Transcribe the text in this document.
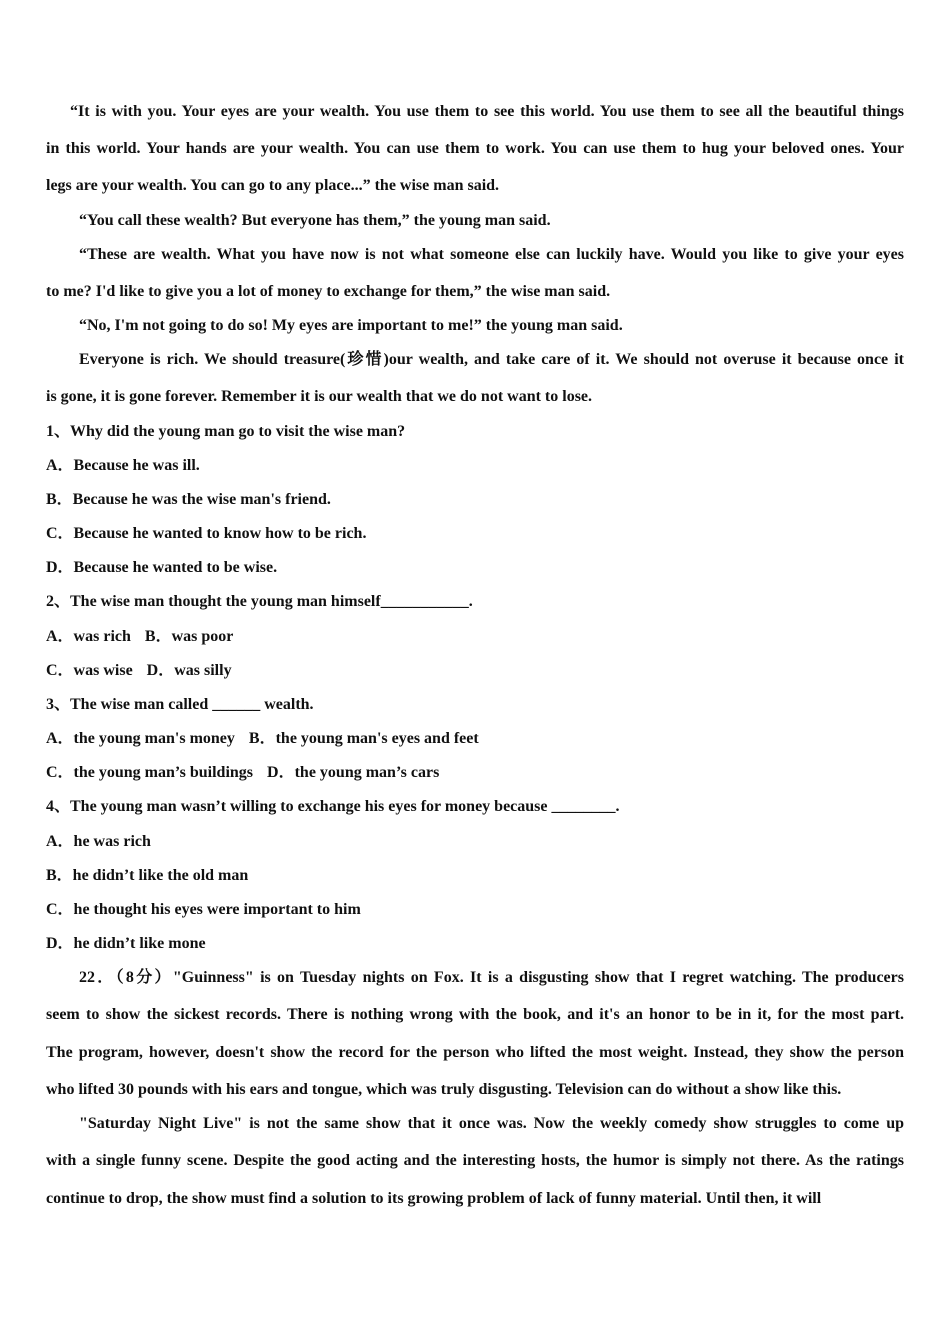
“It is with you. Your eyes are your wealth. You use them to see this world. You use them to see all the beautiful things
in this world. Your hands are your wealth. You can use them to work. You can use them to hug your beloved ones. Your
legs are your wealth. You can go to any place...” the wise man said.
“You call these wealth? But everyone has them,” the young man said.
“These are wealth. What you have now is not what someone else can luckily have. Would you like to give your eyes
to me? I'd like to give you a lot of money to exchange for them,” the wise man said.
“No, I'm not going to do so! My eyes are important to me!” the young man said.
Everyone is rich. We should treasure(珍惜)our wealth, and take care of it. We should not overuse it because once it
is gone, it is gone forever. Remember it is our wealth that we do not want to lose.
1、Why did the young man go to visit the wise man?
A．Because he was ill.
B．Because he was the wise man's friend.
C．Because he wanted to know how to be rich.
D．Because he wanted to be wise.
2、The wise man thought the young man himself___________.
A．was rich B．was poor
C．was wise D．was silly
3、The wise man called ______ wealth.
A．the young man's money B．the young man's eyes and feet
C．the young man’s buildings D．the young man’s cars
4、The young man wasn’t willing to exchange his eyes for money because ________.
A．he was rich
B．he didn’t like the old man
C．he thought his eyes were important to him
D．he didn’t like mone
22．（8分）"Guinness" is on Tuesday nights on Fox. It is a disgusting show that I regret watching. The producers
seem to show the sickest records. There is nothing wrong with the book, and it's an honor to be in it, for the most part.
The program, however, doesn't show the record for the person who lifted the most weight. Instead, they show the person
who lifted 30 pounds with his ears and tongue, which was truly disgusting. Television can do without a show like this.
"Saturday Night Live" is not the same show that it once was. Now the weekly comedy show struggles to come up
with a single funny scene. Despite the good acting and the interesting hosts, the humor is simply not there. As the ratings
continue to drop, the show must find a solution to its growing problem of lack of funny material. Until then, it will
